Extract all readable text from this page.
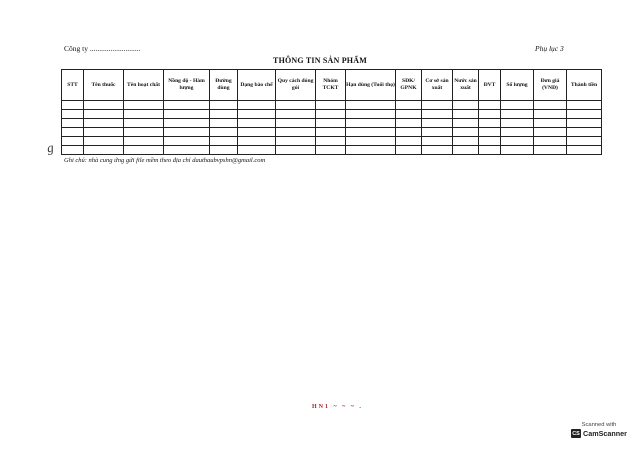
Công ty ...........................	Phụ lục 3
THÔNG TIN SẢN PHẨM
STT	Tên thuốc	Tên hoạt chất	Nồng độ - Hàm lượng	Đường dùng	Dạng bào chế	Quy cách đóng gói	Nhóm TCKT	Hạn dùng (Tuổi thọ)	SĐK/ GPNK	Cơ sở sản xuất	Nước sản xuất	ĐVT	Số lượng	Đơn giá (VNĐ)	Thành tiền

g
Ghi chú: nhà cung ứng gửi file mềm theo địa chỉ dauthaubvpshn@gmail.com
HN1 ~ ~ ~ .
Scanned with
CS CamScanner
